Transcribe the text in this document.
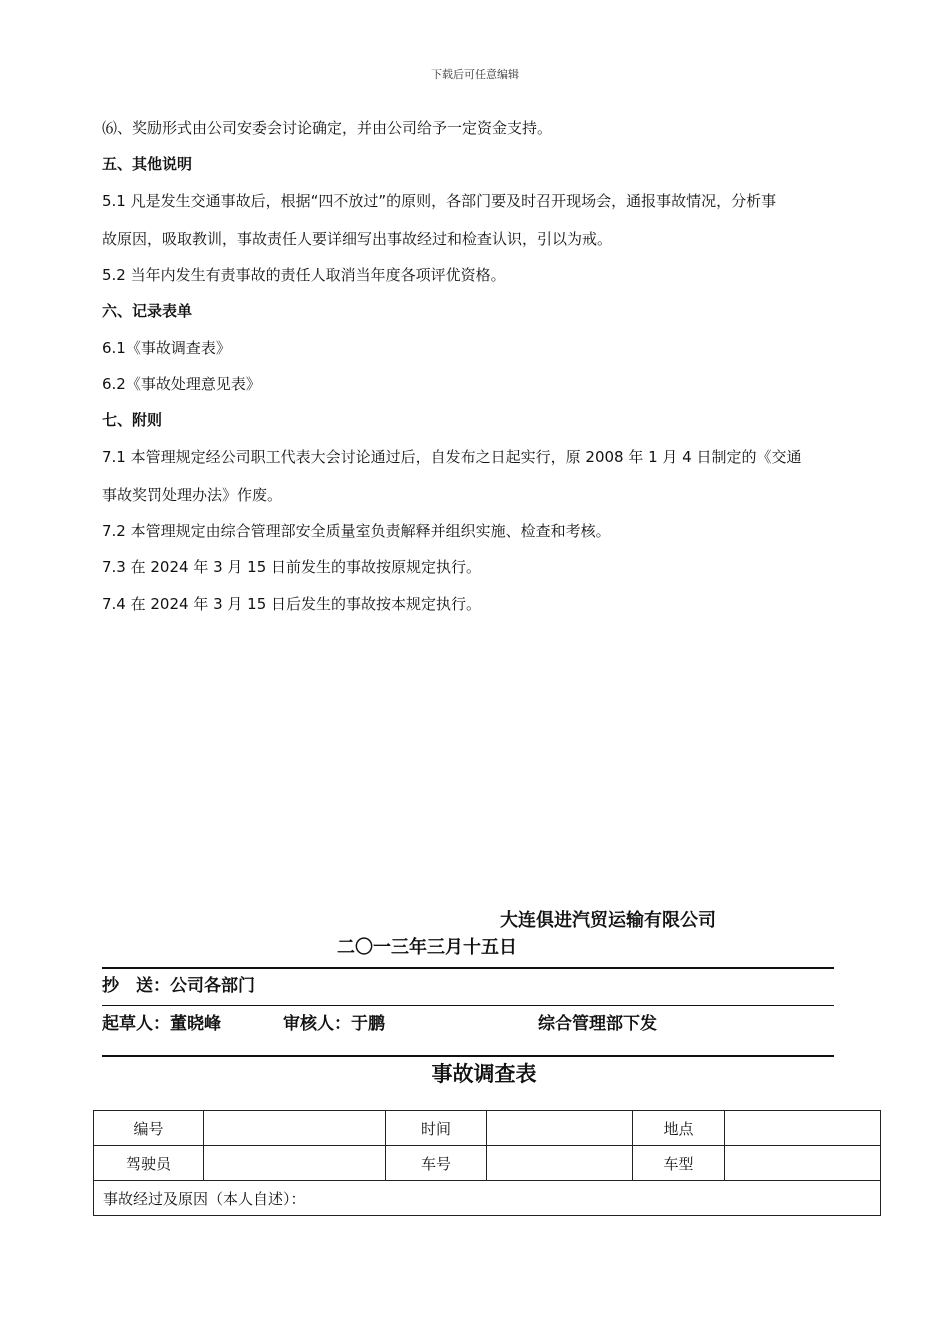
下载后可任意编辑
⑹、奖励形式由公司安委会讨论确定，并由公司给予一定资金支持。
五、其他说明
5.1 凡是发生交通事故后，根据“四不放过”的原则，各部门要及时召开现场会，通报事故情况，分析事
故原因，吸取教训，事故责任人要详细写出事故经过和检查认识，引以为戒。
5.2 当年内发生有责事故的责任人取消当年度各项评优资格。
六、记录表单
6.1《事故调查表》
6.2《事故处理意见表》
七、附则
7.1 本管理规定经公司职工代表大会讨论通过后，自发布之日起实行，原 2008 年 1 月 4 日制定的《交通
事故奖罚处理办法》作废。
7.2 本管理规定由综合管理部安全质量室负责解释并组织实施、检查和考核。
7.3 在 2024 年 3 月 15 日前发生的事故按原规定执行。
7.4 在 2024 年 3 月 15 日后发生的事故按本规定执行。
大连俱进汽贸运输有限公司
二〇一三年三月十五日
抄　送：公司各部门
起草人：董晓峰	审核人：于鹏	综合管理部下发
事故调查表
编号		时间		地点	
驾驶员		车号		车型	
事故经过及原因（本人自述）：					
